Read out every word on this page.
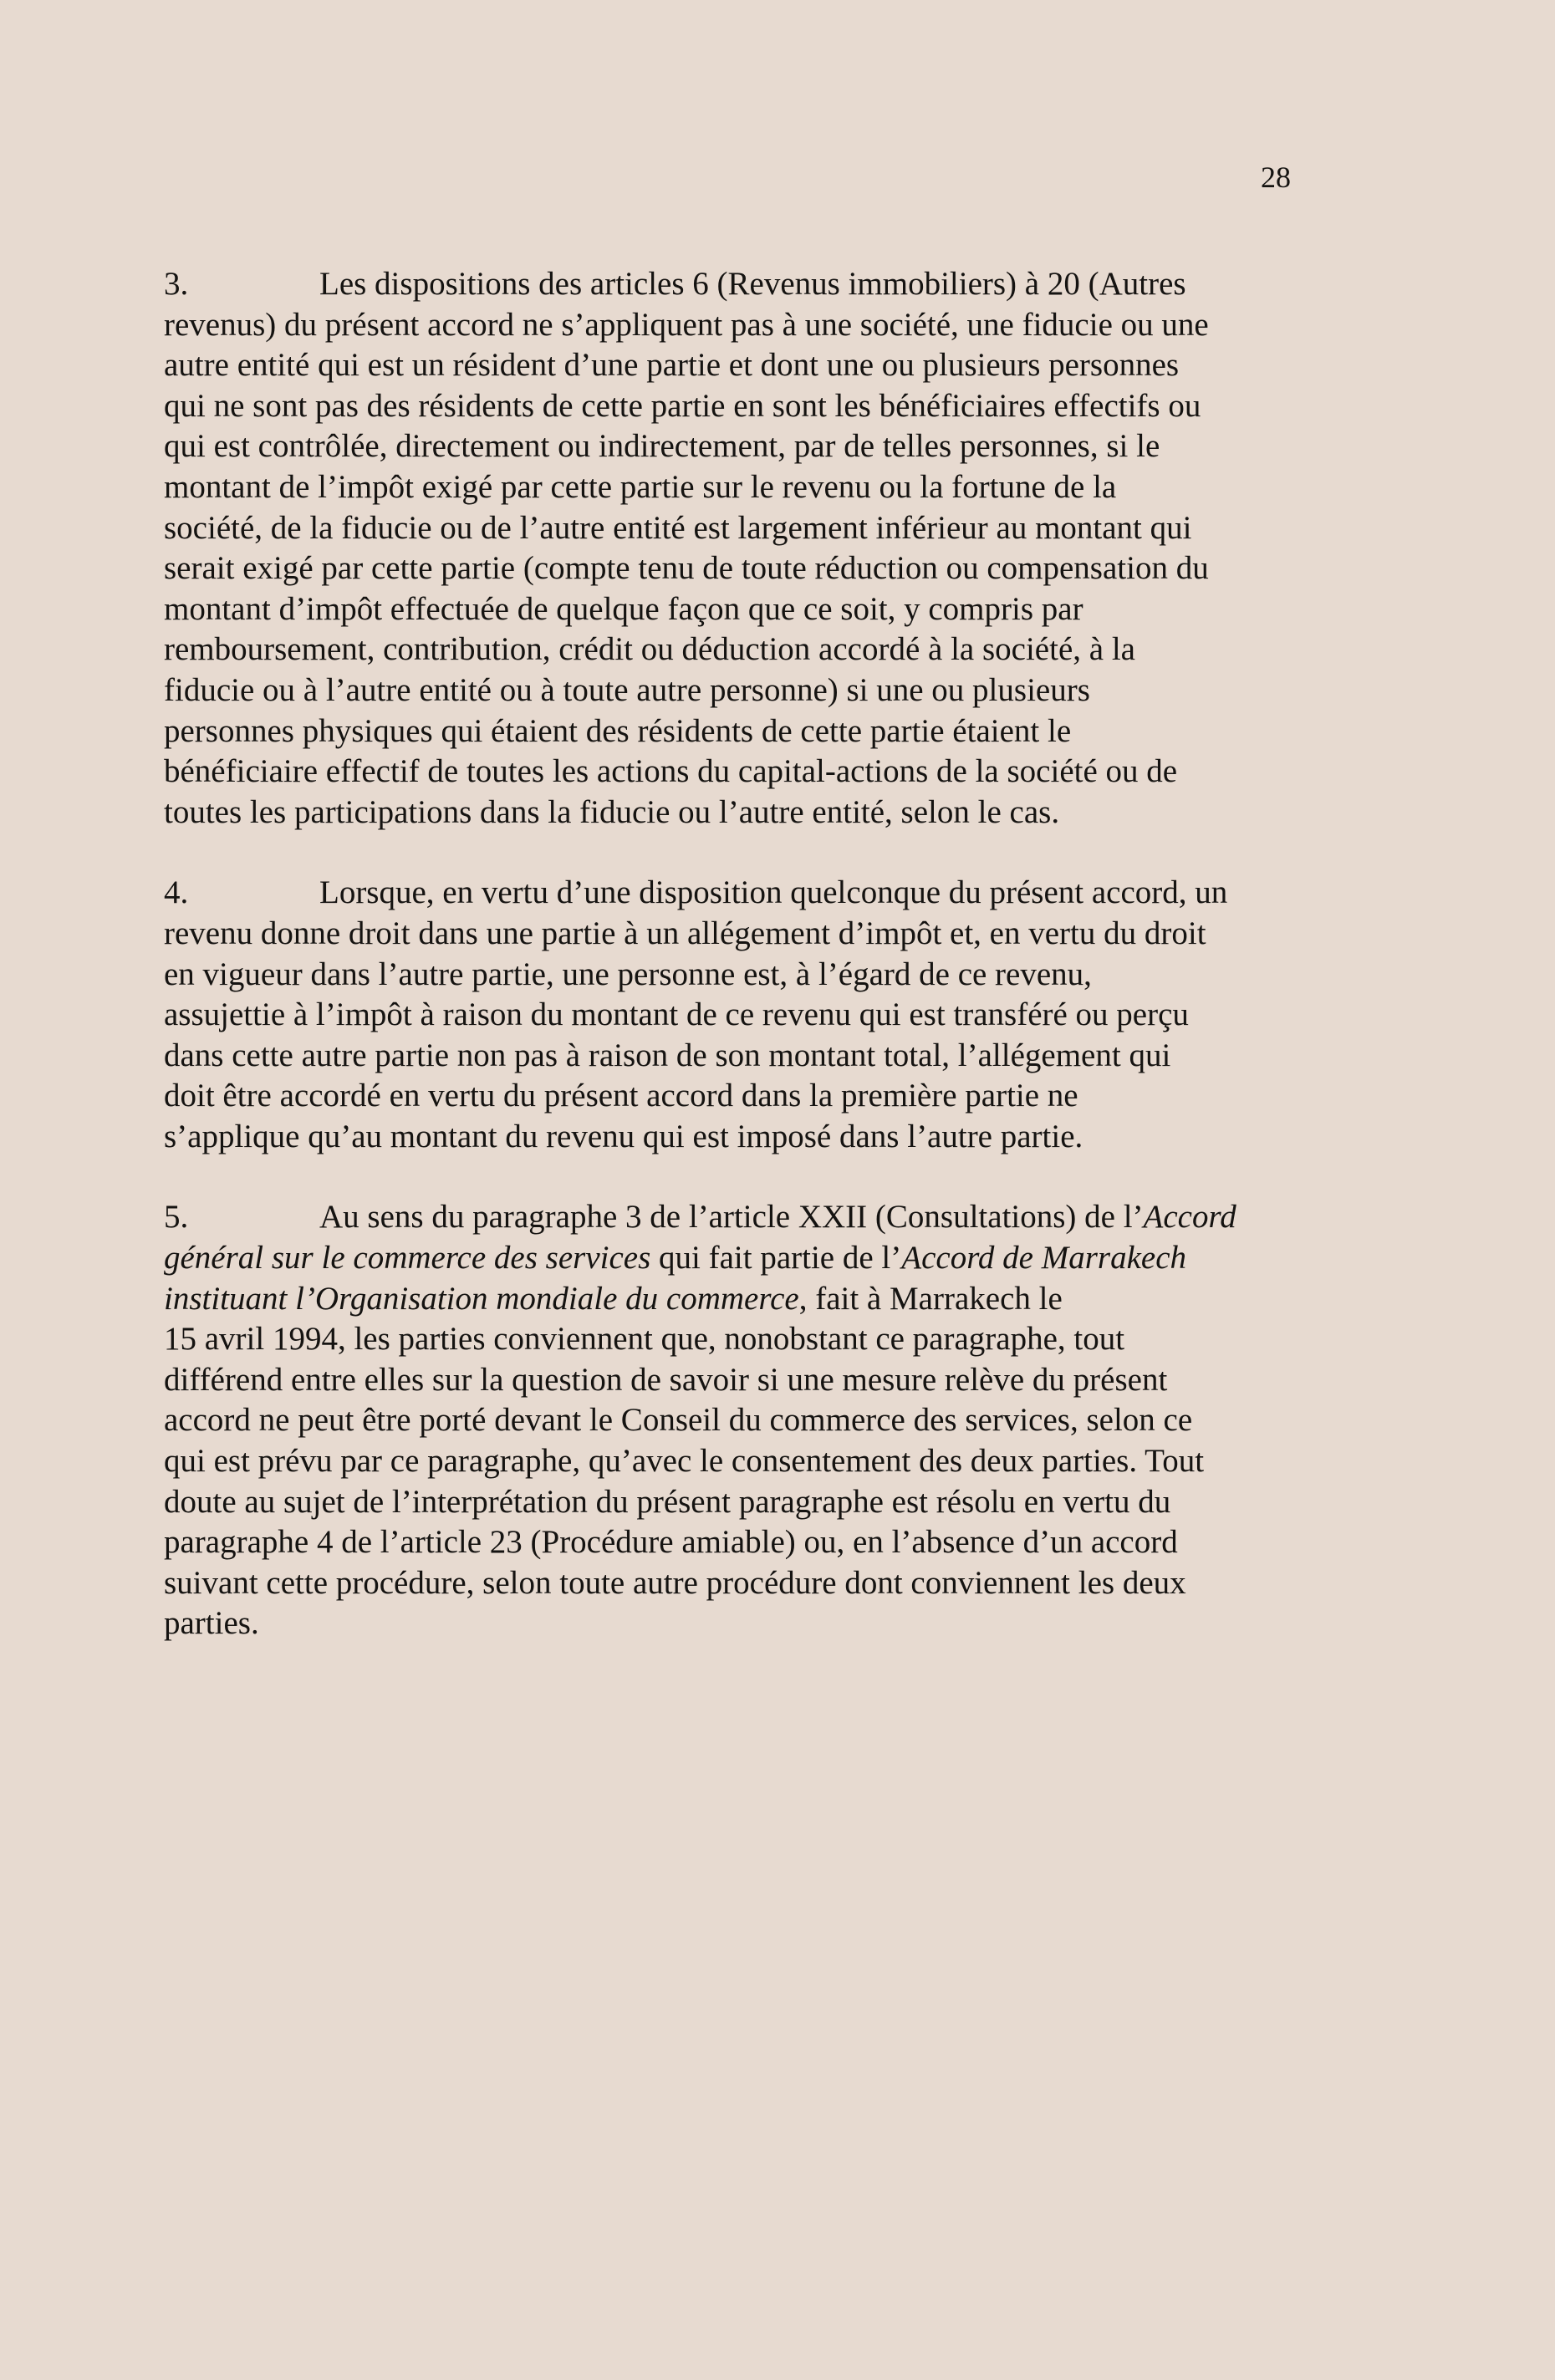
28

3.	Les dispositions des articles 6 (Revenus immobiliers) à 20 (Autres
revenus) du présent accord ne s’appliquent pas à une société, une fiducie ou une
autre entité qui est un résident d’une partie et dont une ou plusieurs personnes
qui ne sont pas des résidents de cette partie en sont les bénéficiaires effectifs ou
qui est contrôlée, directement ou indirectement, par de telles personnes, si le
montant de l’impôt exigé par cette partie sur le revenu ou la fortune de la
société, de la fiducie ou de l’autre entité est largement inférieur au montant qui
serait exigé par cette partie (compte tenu de toute réduction ou compensation du
montant d’impôt effectuée de quelque façon que ce soit, y compris par
remboursement, contribution, crédit ou déduction accordé à la société, à la
fiducie ou à l’autre entité ou à toute autre personne) si une ou plusieurs
personnes physiques qui étaient des résidents de cette partie étaient le
bénéficiaire effectif de toutes les actions du capital-actions de la société ou de
toutes les participations dans la fiducie ou l’autre entité, selon le cas.

4.	Lorsque, en vertu d’une disposition quelconque du présent accord, un
revenu donne droit dans une partie à un allégement d’impôt et, en vertu du droit
en vigueur dans l’autre partie, une personne est, à l’égard de ce revenu,
assujettie à l’impôt à raison du montant de ce revenu qui est transféré ou perçu
dans cette autre partie non pas à raison de son montant total, l’allégement qui
doit être accordé en vertu du présent accord dans la première partie ne
s’applique qu’au montant du revenu qui est imposé dans l’autre partie.

5.	Au sens du paragraphe 3 de l’article XXII (Consultations) de l’Accord
général sur le commerce des services qui fait partie de l’Accord de Marrakech
instituant l’Organisation mondiale du commerce, fait à Marrakech le
15 avril 1994, les parties conviennent que, nonobstant ce paragraphe, tout
différend entre elles sur la question de savoir si une mesure relève du présent
accord ne peut être porté devant le Conseil du commerce des services, selon ce
qui est prévu par ce paragraphe, qu’avec le consentement des deux parties. Tout
doute au sujet de l’interprétation du présent paragraphe est résolu en vertu du
paragraphe 4 de l’article 23 (Procédure amiable) ou, en l’absence d’un accord
suivant cette procédure, selon toute autre procédure dont conviennent les deux
parties.
